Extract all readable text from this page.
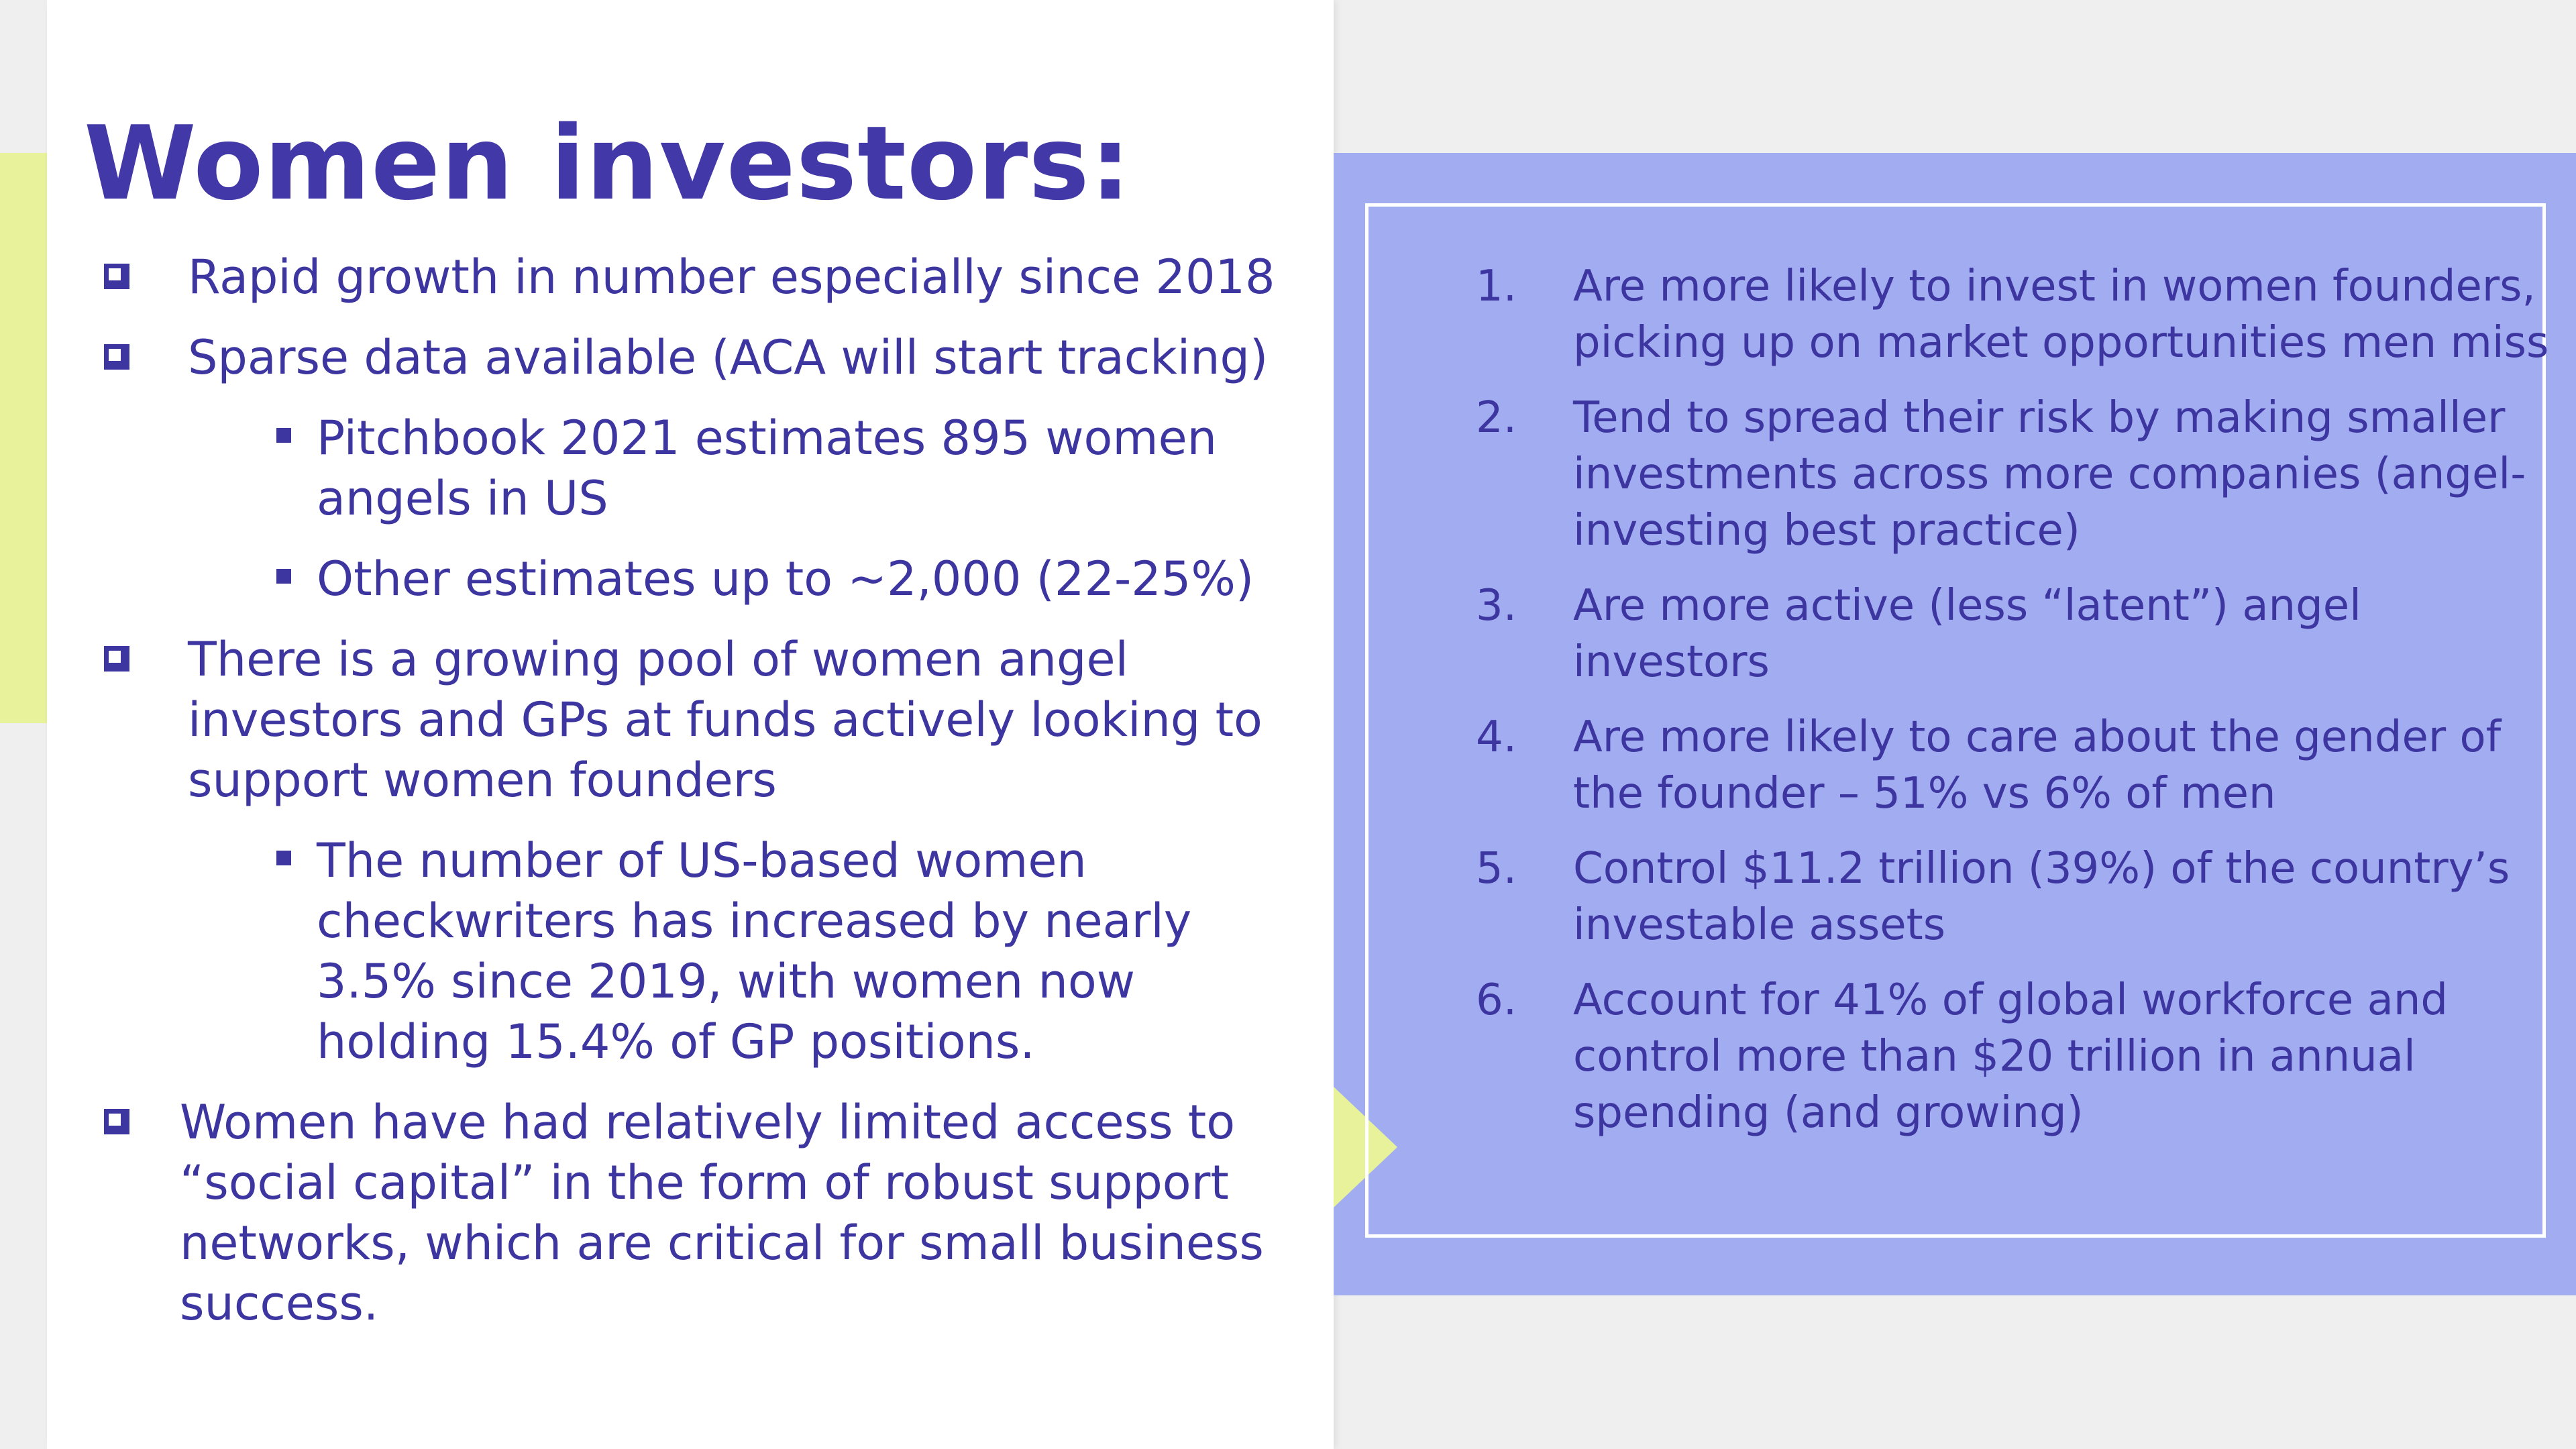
Women investors:
Rapid growth in number especially since 2018
Sparse data available (ACA will start tracking)
Pitchbook 2021 estimates 895 women angels in US
Other estimates up to ~2,000 (22-25%)
There is a growing pool of women angel investors and GPs at funds actively looking to support women founders
The number of US-based women checkwriters has increased by nearly 3.5% since 2019, with women now holding 15.4% of GP positions.
Women have had relatively limited access to “social capital” in the form of robust support networks, which are critical for small business success.
1. Are more likely to invest in women founders, picking up on market opportunities men miss
2. Tend to spread their risk by making smaller investments across more companies (angel-investing best practice)
3. Are more active (less “latent”) angel investors
4. Are more likely to care about the gender of the founder – 51% vs 6% of men
5. Control $11.2 trillion (39%) of the country’s investable assets
6. Account for 41% of global workforce and control more than $20 trillion in annual spending (and growing)
